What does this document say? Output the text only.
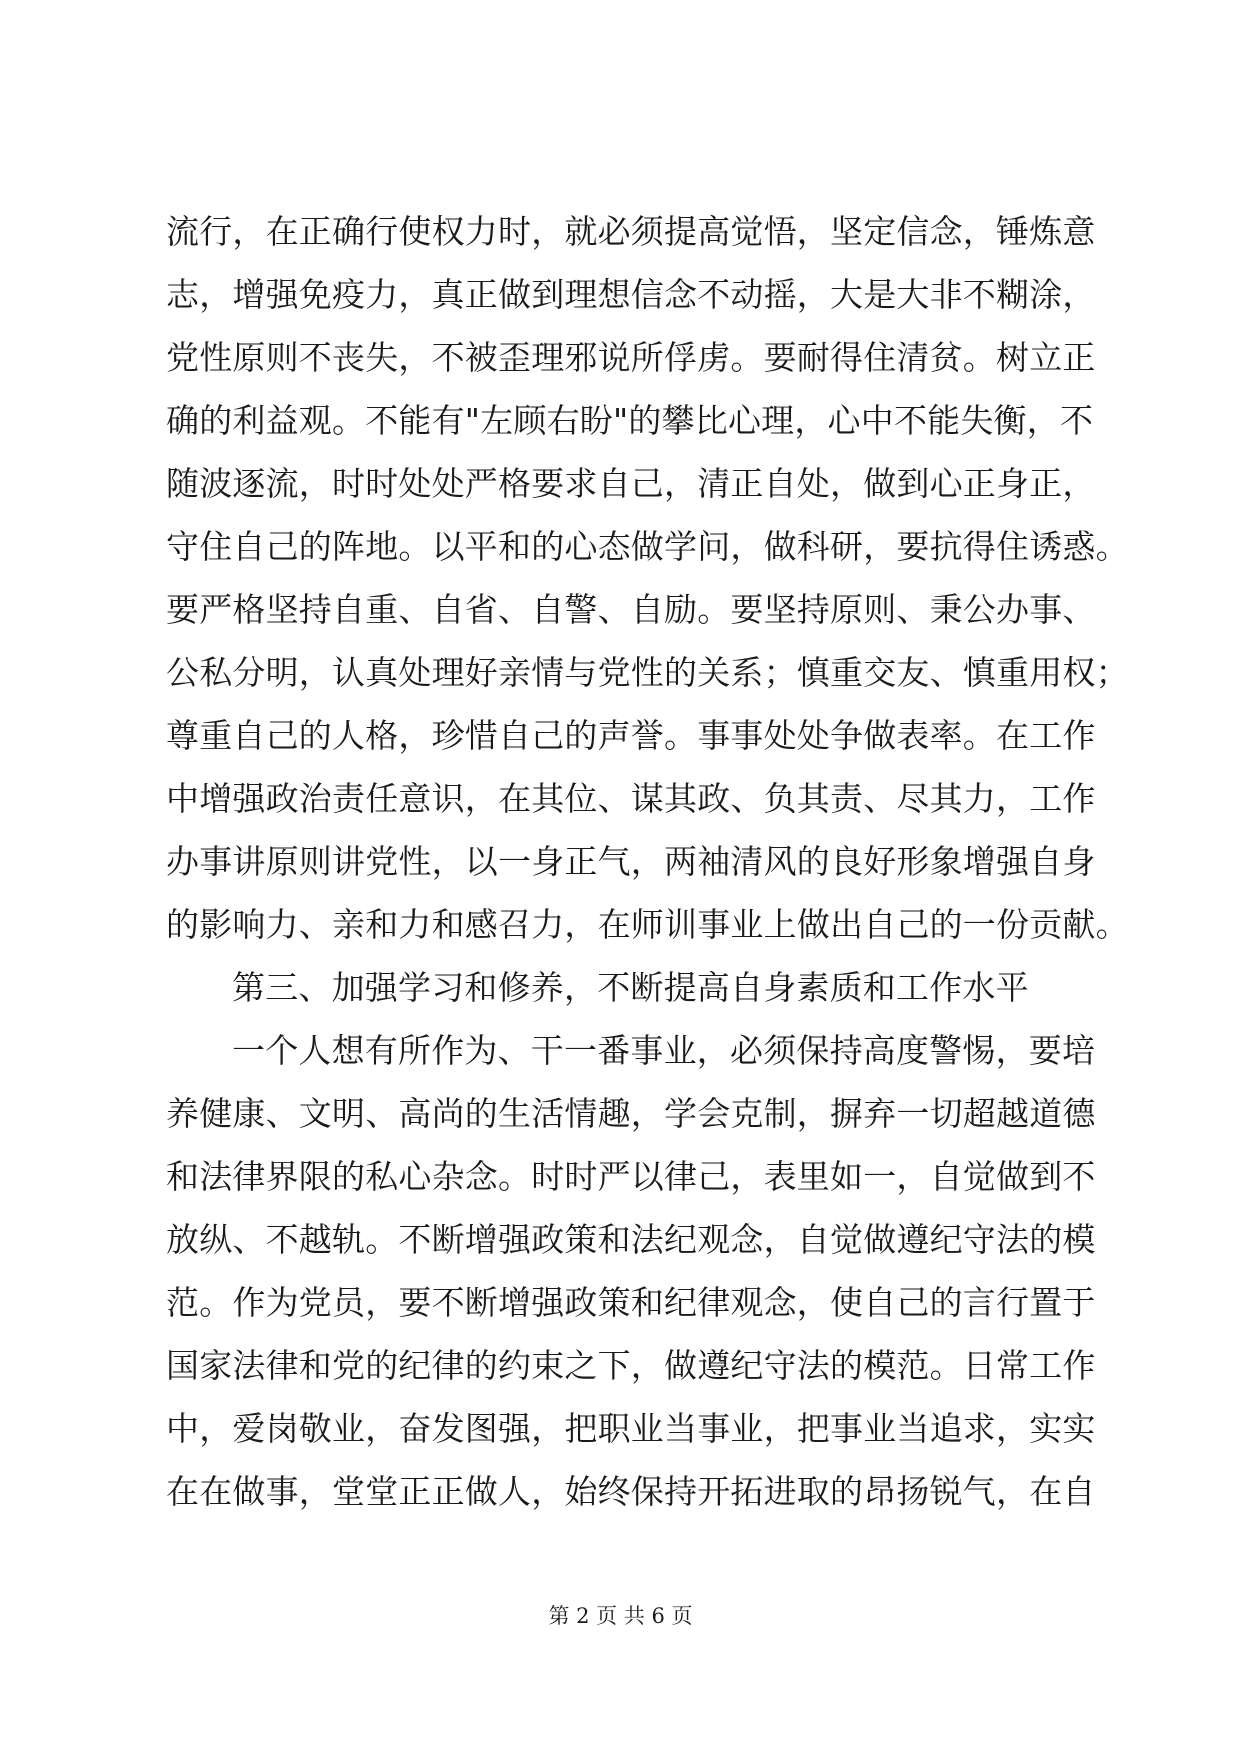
流行，在正确行使权力时，就必须提高觉悟，坚定信念，锤炼意
志，增强免疫力，真正做到理想信念不动摇，大是大非不糊涂，
党性原则不丧失，不被歪理邪说所俘虏。要耐得住清贫。树立正
确的利益观。不能有"左顾右盼"的攀比心理，心中不能失衡，不
随波逐流，时时处处严格要求自己，清正自处，做到心正身正，
守住自己的阵地。以平和的心态做学问，做科研，要抗得住诱惑。
要严格坚持自重、自省、自警、自励。要坚持原则、秉公办事、
公私分明，认真处理好亲情与党性的关系；慎重交友、慎重用权；
尊重自己的人格，珍惜自己的声誉。事事处处争做表率。在工作
中增强政治责任意识，在其位、谋其政、负其责、尽其力，工作
办事讲原则讲党性，以一身正气，两袖清风的良好形象增强自身
的影响力、亲和力和感召力，在师训事业上做出自己的一份贡献。
第三、加强学习和修养，不断提高自身素质和工作水平
一个人想有所作为、干一番事业，必须保持高度警惕，要培
养健康、文明、高尚的生活情趣，学会克制，摒弃一切超越道德
和法律界限的私心杂念。时时严以律己，表里如一，自觉做到不
放纵、不越轨。不断增强政策和法纪观念，自觉做遵纪守法的模
范。作为党员，要不断增强政策和纪律观念，使自己的言行置于
国家法律和党的纪律的约束之下，做遵纪守法的模范。日常工作
中，爱岗敬业，奋发图强，把职业当事业，把事业当追求，实实
在在做事，堂堂正正做人，始终保持开拓进取的昂扬锐气，在自
第 2 页 共 6 页
